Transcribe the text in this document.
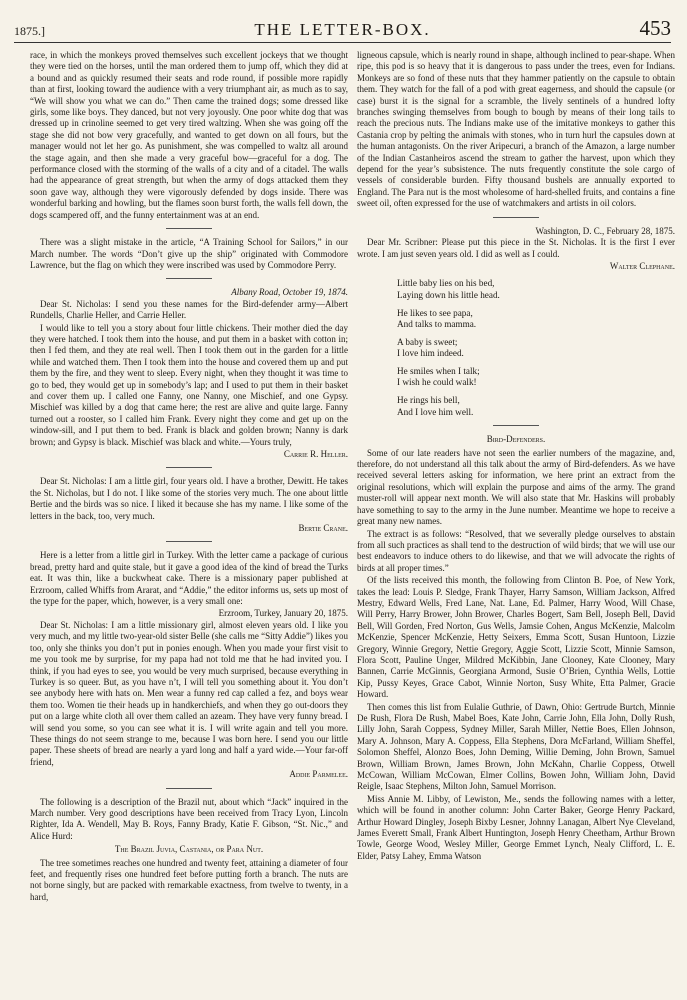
1875.]	THE LETTER-BOX.	453

race, in which the monkeys proved themselves such excellent jockeys that we thought they were tied on the horses, until the man ordered them to jump off, which they did at a bound and as quickly resumed their seats and rode round, if possible more rapidly than at first, looking toward the audience with a very triumphant air, as much as to say, “We will show you what we can do.” Then came the trained dogs; some dressed like girls, some like boys. They danced, but not very joyously. One poor white dog that was dressed up in crinoline seemed to get very tired waltzing. When she was going off the stage she did not bow very gracefully, and wanted to get down on all fours, but the manager would not let her go. As punishment, she was compelled to waltz all around the stage again, and then she made a very graceful bow—graceful for a dog. The performance closed with the storming of the walls of a city and of a citadel. The walls had the appearance of great strength, but when the army of dogs attacked them they soon gave way, although they were vigorously defended by dogs inside. There was wonderful barking and howling, but the flames soon burst forth, the walls fell down, the dogs scampered off, and the funny entertainment was at an end.

There was a slight mistake in the article, “A Training School for Sailors,” in our March number. The words “Don’t give up the ship” originated with Commodore Lawrence, but the flag on which they were inscribed was used by Commodore Perry.

Albany Road, October 19, 1874.

Dear St. Nicholas: I send you these names for the Bird-defender army—Albert Rundells, Charlie Heller, and Carrie Heller.

I would like to tell you a story about four little chickens. Their mother died the day they were hatched. I took them into the house, and put them in a basket with cotton in; then I fed them, and they ate real well. Then I took them out in the garden for a little while and watched them. Then I took them into the house and covered them up and put them by the fire, and they went to sleep. Every night, when they thought it was time to go to bed, they would get up in somebody’s lap; and I used to put them in their basket and cover them up. I called one Fanny, one Nanny, one Mischief, and one Gypsy. Mischief was killed by a dog that came here; the rest are alive and quite large. Fanny turned out a rooster, so I called him Frank. Every night they come and get up on the window-sill, and I put them to bed. Frank is black and golden brown; Nanny is dark brown; and Gypsy is black. Mischief was black and white.—Yours truly,

Carrie R. Heller.

Dear St. Nicholas: I am a little girl, four years old. I have a brother, Dewitt. He takes the St. Nicholas, but I do not. I like some of the stories very much. The one about little Bertie and the birds was so nice. I liked it because she has my name. I like some of the letters in the back, too, very much.

Bertie Crane.

Here is a letter from a little girl in Turkey. With the letter came a package of curious bread, pretty hard and quite stale, but it gave a good idea of the kind of bread the Turks eat. It was thin, like a buckwheat cake. There is a missionary paper published at Erzroom, called Whiffs from Ararat, and “Addie,” the editor informs us, sets up most of the type for the paper, which, however, is a very small one:

Erzroom, Turkey, January 20, 1875.

Dear St. Nicholas: I am a little missionary girl, almost eleven years old. I like you very much, and my little two-year-old sister Belle (she calls me “Sitty Addie”) likes you too, only she thinks you don’t put in ponies enough. When you made your first visit to me you took me by surprise, for my papa had not told me that he had invited you. I think, if you had eyes to see, you would be very much surprised, because everything in Turkey is so queer. But, as you have n’t, I will tell you something about it. You don’t see anybody here with hats on. Men wear a funny red cap called a fez, and boys wear them too. Women tie their heads up in handkerchiefs, and when they go out-doors they put on a large white cloth all over them called an azeam. They have very funny bread. I will send you some, so you can see what it is. I will write again and tell you more. These things do not seem strange to me, because I was born here. I send you our little paper. These sheets of bread are nearly a yard long and half a yard wide.—Your far-off friend,

Addie Parmelee.

The following is a description of the Brazil nut, about which “Jack” inquired in the March number. Very good descriptions have been received from Tracy Lyon, Lincoln Righter, Ida A. Wendell, May B. Roys, Fanny Brady, Katie F. Gibson, “St. Nic.,” and Alice Hurd:

The Brazil Juvia, Castania, or Para Nut.

The tree sometimes reaches one hundred and twenty feet, attaining a diameter of four feet, and frequently rises one hundred feet before putting forth a branch. The nuts are not borne singly, but are packed with remarkable exactness, from twelve to twenty, in a hard,

ligneous capsule, which is nearly round in shape, although inclined to pear-shape. When ripe, this pod is so heavy that it is dangerous to pass under the trees, even for Indians. Monkeys are so fond of these nuts that they hammer patiently on the capsule to obtain them. They watch for the fall of a pod with great eagerness, and should the capsule (or case) burst it is the signal for a scramble, the lively sentinels of a hundred lofty branches swinging themselves from bough to bough by means of their long tails to reach the precious nuts. The Indians make use of the imitative monkeys to gather this Castania crop by pelting the animals with stones, who in turn hurl the capsules down at the human antagonists. On the river Aripecuri, a branch of the Amazon, a large number of the Indian Castanheiros ascend the stream to gather the harvest, upon which they depend for the year’s subsistence. The nuts frequently constitute the sole cargo of vessels of considerable burden. Fifty thousand bushels are annually exported to England. The Para nut is the most wholesome of hard-shelled fruits, and contains a fine sweet oil, often expressed for the use of watchmakers and artists in oil colors.

Washington, D. C., February 28, 1875.

Dear Mr. Scribner: Please put this piece in the St. Nicholas. It is the first I ever wrote. I am just seven years old. I did as well as I could.

Walter Clephane.
Little baby lies on his bed,
Laying down his little head.
He likes to see papa,
And talks to mamma.
A baby is sweet;
I love him indeed.
He smiles when I talk;
I wish he could walk!
He rings his bell,
And I love him well.
Bird-Defenders.

Some of our late readers have not seen the earlier numbers of the magazine, and, therefore, do not understand all this talk about the army of Bird-defenders. As we have received several letters asking for information, we here print an extract from the original resolutions, which will explain the purpose and aims of the army. The grand muster-roll will appear next month. We will also state that Mr. Haskins will probably have something to say to the army in the June number. Meantime we hope to receive a great many new names.

The extract is as follows: “Resolved, that we severally pledge ourselves to abstain from all such practices as shall tend to the destruction of wild birds; that we will use our best endeavors to induce others to do likewise, and that we will advocate the rights of birds at all proper times.”

Of the lists received this month, the following from Clinton B. Poe, of New York, takes the lead: Louis P. Sledge, Frank Thayer, Harry Samson, William Jackson, Alfred Mestry, Edward Wells, Fred Lane, Nat. Lane, Ed. Palmer, Harry Wood, Will Chase, Will Perry, Harry Brower, John Brower, Charles Bogert, Sam Bell, Joseph Bell, David Bell, Will Gorden, Fred Norton, Gus Wells, Jamsie Cohen, Angus McKenzie, Malcolm McKenzie, Spencer McKenzie, Hetty Seixers, Emma Scott, Susan Huntoon, Lizzie Gregory, Winnie Gregory, Nettie Gregory, Aggie Scott, Lizzie Scott, Minnie Samson, Flora Scott, Pauline Unger, Mildred McKibbin, Jane Clooney, Kate Clooney, Mary Bannen, Carrie McGinnis, Georgiana Armond, Susie O’Brien, Cynthia Wells, Lottie Kip, Pussy Keyes, Grace Cabot, Winnie Norton, Susy White, Etta Palmer, Gracie Howard.

Then comes this list from Eulalie Guthrie, of Dawn, Ohio: Gertrude Burtch, Minnie De Rush, Flora De Rush, Mabel Boes, Kate John, Carrie John, Ella John, Dolly Rush, Lilly John, Sarah Coppess, Sydney Miller, Sarah Miller, Nettie Boes, Ellen Johnson, Mary A. Johnson, Mary A. Coppess, Ella Stephens, Dora McFarland, William Sheffel, Solomon Sheffel, Alonzo Boes, John Deming, Willie Deming, John Brown, Samuel Brown, William Brown, James Brown, John McKahn, Charlie Coppess, Otwell McCowan, William McCowan, Elmer Collins, Bowen John, William John, David Reigle, Isaac Stephens, Milton John, Samuel Morrison.

Miss Annie M. Libby, of Lewiston, Me., sends the following names with a letter, which will be found in another column: John Carter Baker, George Henry Packard, Arthur Howard Dingley, Joseph Bixby Lesner, Johnny Lanagan, Albert Nye Cleveland, James Everett Small, Frank Albert Huntington, Joseph Henry Cheetham, Arthur Brown Towle, George Wood, Wesley Miller, George Emmet Lynch, Nealy Clifford, L. E. Elder, Patsy Lahey, Emma Watson
